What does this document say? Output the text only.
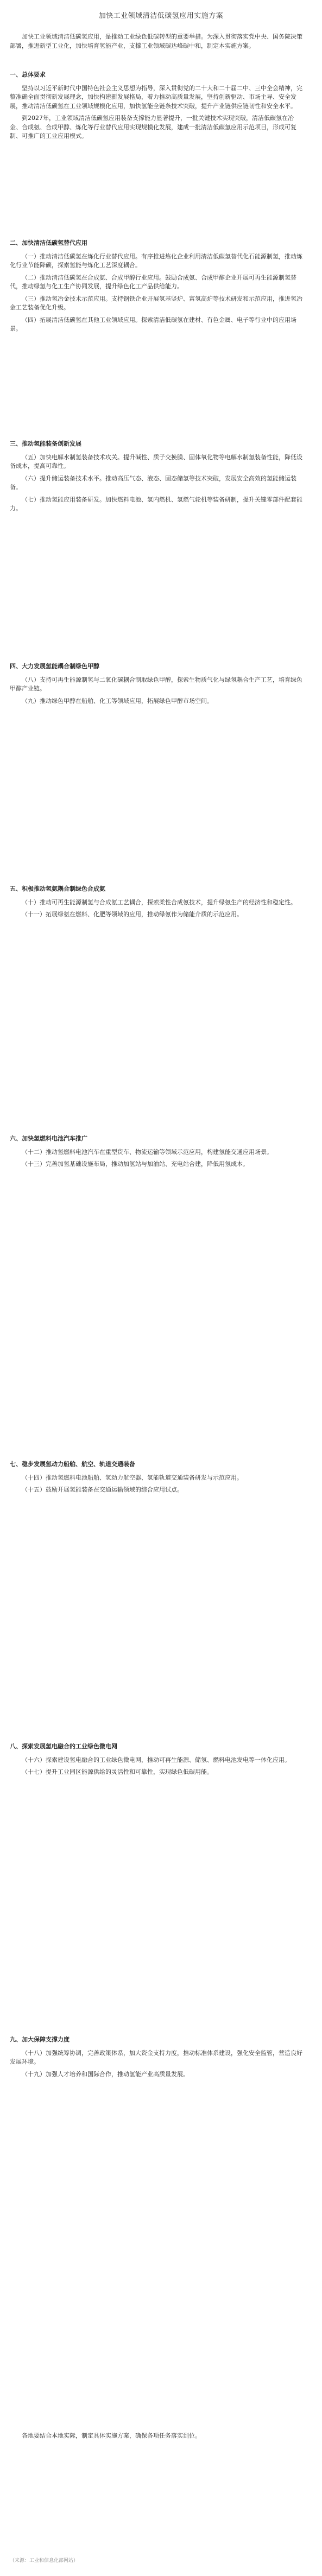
加快工业领域清洁低碳氢应用实施方案

加快工业领域清洁低碳氢应用，是推动工业绿色低碳转型的重要举措。为深入贯彻落实党中央、国务院决策部署，推进新型工业化，加快培育氢能产业，支撑工业领域碳达峰碳中和，制定本实施方案。

一、总体要求

坚持以习近平新时代中国特色社会主义思想为指导，深入贯彻党的二十大和二十届二中、三中全会精神，完整准确全面贯彻新发展理念，加快构建新发展格局，着力推动高质量发展，坚持创新驱动、市场主导、安全发展，推动清洁低碳氢在工业领域规模化应用，加快氢能全链条技术突破，提升产业链供应链韧性和安全水平。

到2027年，工业领域清洁低碳氢应用装备支撑能力显著提升，一批关键技术实现突破，清洁低碳氢在冶金、合成氨、合成甲醇、炼化等行业替代应用实现规模化发展，建成一批清洁低碳氢应用示范项目，形成可复制、可推广的工业应用模式。

二、加快清洁低碳氢替代应用

（一）推动清洁低碳氢在炼化行业替代应用。有序推进炼化企业利用清洁低碳氢替代化石能源制氢，推动炼化行业节能降碳，探索氢能与炼化工艺深度耦合。

（二）推动清洁低碳氢在合成氨、合成甲醇行业应用。鼓励合成氨、合成甲醇企业开展可再生能源制氢替代，推动绿氢与化工生产协同发展，提升绿色化工产品供给能力。

（三）推动氢冶金技术示范应用。支持钢铁企业开展氢基竖炉、富氢高炉等技术研发和示范应用，推进氢冶金工艺装备优化升级。

（四）拓展清洁低碳氢在其他工业领域应用。探索清洁低碳氢在建材、有色金属、电子等行业中的应用场景。

三、推动氢能装备创新发展

（五）加快电解水制氢装备技术攻关。提升碱性、质子交换膜、固体氧化物等电解水制氢装备性能，降低设备成本，提高可靠性。

（六）提升储运装备技术水平。推动高压气态、液态、固态储氢等技术突破，发展安全高效的氢能储运装备。

（七）推动氢能应用装备研发。加快燃料电池、氢内燃机、氢燃气轮机等装备研制，提升关键零部件配套能力。

四、大力发展氢能耦合制绿色甲醇

（八）支持可再生能源制氢与二氧化碳耦合制取绿色甲醇，探索生物质气化与绿氢耦合生产工艺，培育绿色甲醇产业链。

（九）推动绿色甲醇在船舶、化工等领域应用，拓展绿色甲醇市场空间。

五、积极推动氢氨耦合制绿色合成氨

（十）推动可再生能源制氢与合成氨工艺耦合，探索柔性合成氨技术，提升绿氨生产的经济性和稳定性。

（十一）拓展绿氨在燃料、化肥等领域的应用，推动绿氨作为储能介质的示范应用。

六、加快氢燃料电池汽车推广

（十二）推动氢燃料电池汽车在重型货车、物流运输等领域示范应用，构建氢能交通应用场景。

（十三）完善加氢基础设施布局，推动加氢站与加油站、充电站合建，降低用氢成本。

七、稳步发展氢动力船舶、航空、轨道交通装备

（十四）推动氢燃料电池船舶、氢动力航空器、氢能轨道交通装备研发与示范应用。

（十五）鼓励开展氢能装备在交通运输领域的综合应用试点。

八、探索发展氢电融合的工业绿色微电网

（十六）探索建设氢电融合的工业绿色微电网，推动可再生能源、储氢、燃料电池发电等一体化应用。

（十七）提升工业园区能源供给的灵活性和可靠性，实现绿色低碳用能。

九、加大保障支撑力度

（十八）加强统筹协调，完善政策体系，加大资金支持力度，推动标准体系建设，强化安全监管，营造良好发展环境。

（十九）加强人才培养和国际合作，推动氢能产业高质量发展。

各地要结合本地实际，制定具体实施方案，确保各项任务落实到位。

（来源：工业和信息化部网站）
